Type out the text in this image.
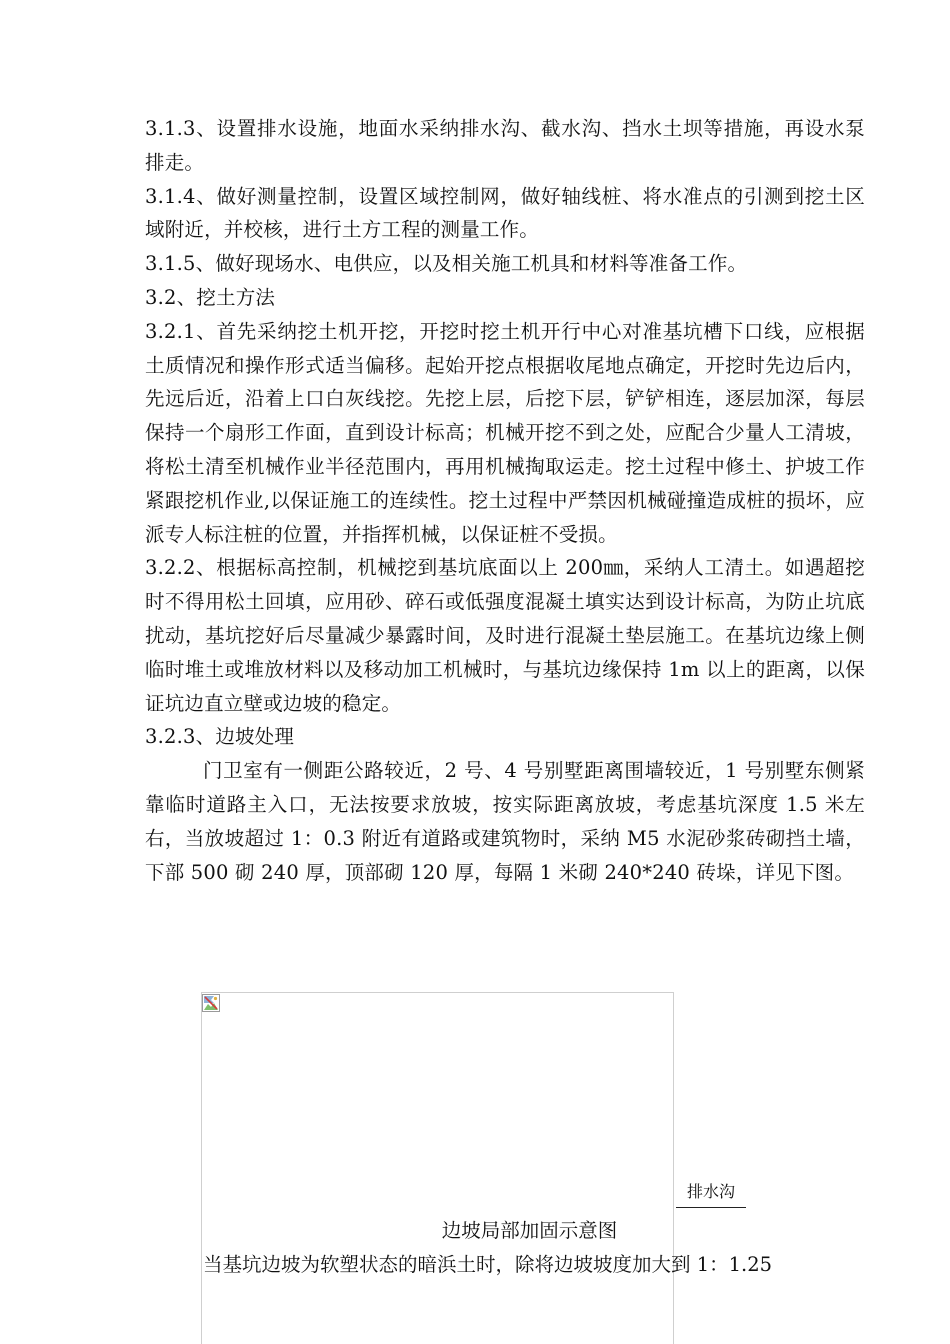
3.1.3、设置排水设施，地面水采纳排水沟、截水沟、挡水土坝等措施，再设水泵排走。

3.1.4、做好测量控制，设置区域控制网，做好轴线桩、将水准点的引测到挖土区域附近，并校核，进行土方工程的测量工作。

3.1.5、做好现场水、电供应，以及相关施工机具和材料等准备工作。

3.2、挖土方法

3.2.1、首先采纳挖土机开挖，开挖时挖土机开行中心对准基坑槽下口线，应根据土质情况和操作形式适当偏移。起始开挖点根据收尾地点确定，开挖时先边后内，先远后近，沿着上口白灰线挖。先挖上层，后挖下层，铲铲相连，逐层加深，每层保持一个扇形工作面，直到设计标高；机械开挖不到之处，应配合少量人工清坡，将松土清至机械作业半径范围内，再用机械掏取运走。挖土过程中修土、护坡工作紧跟挖机作业,以保证施工的连续性。挖土过程中严禁因机械碰撞造成桩的损坏，应派专人标注桩的位置，并指挥机械，以保证桩不受损。

3.2.2、根据标高控制，机械挖到基坑底面以上 200㎜，采纳人工清土。如遇超挖时不得用松土回填，应用砂、碎石或低强度混凝土填实达到设计标高，为防止坑底扰动，基坑挖好后尽量减少暴露时间，及时进行混凝土垫层施工。在基坑边缘上侧临时堆土或堆放材料以及移动加工机械时，与基坑边缘保持 1m 以上的距离，以保证坑边直立壁或边坡的稳定。

3.2.3、边坡处理

门卫室有一侧距公路较近，2 号、4 号别墅距离围墙较近，1 号别墅东侧紧靠临时道路主入口，无法按要求放坡，按实际距离放坡，考虑基坑深度 1.5 米左右，当放坡超过 1：0.3 附近有道路或建筑物时，采纳 M5 水泥砂浆砖砌挡土墙，下部 500 砌 240 厚，顶部砌 120 厚，每隔 1 米砌 240*240 砖垛，详见下图。

排水沟
边坡局部加固示意图
当基坑边坡为软塑状态的暗浜土时，除将边坡坡度加大到 1：1.25
